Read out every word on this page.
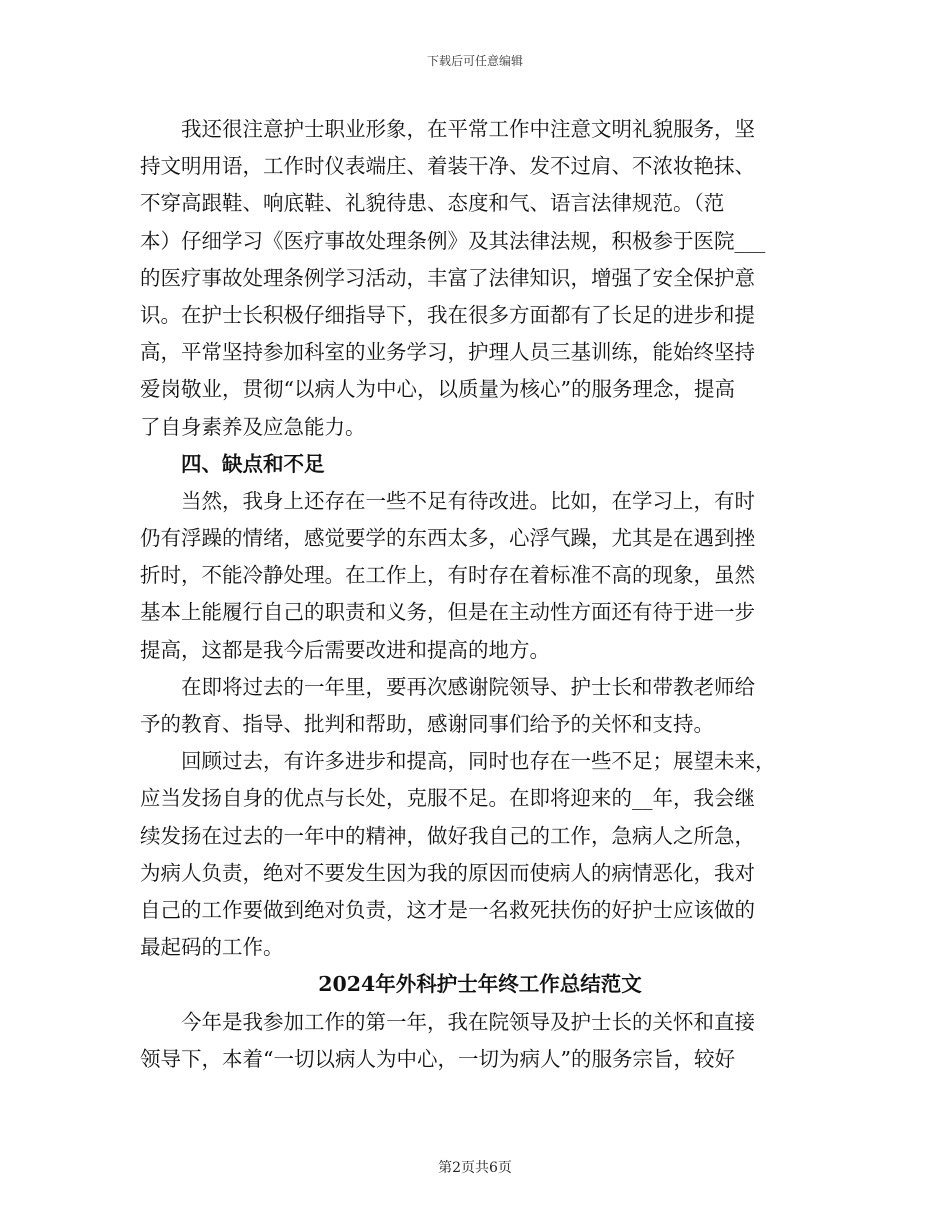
下载后可任意编辑
我还很注意护士职业形象，在平常工作中注意文明礼貌服务，坚
持文明用语，工作时仪表端庄、着装干净、发不过肩、不浓妆艳抹、
不穿高跟鞋、响底鞋、礼貌待患、态度和气、语言法律规范。（范
本）仔细学习《医疗事故处理条例》及其法律法规，积极参于医院___
的医疗事故处理条例学习活动，丰富了法律知识，增强了安全保护意
识。在护士长积极仔细指导下，我在很多方面都有了长足的进步和提
高，平常坚持参加科室的业务学习，护理人员三基训练，能始终坚持
爱岗敬业，贯彻“以病人为中心，以质量为核心”的服务理念，提高
了自身素养及应急能力。
四、缺点和不足
当然，我身上还存在一些不足有待改进。比如，在学习上，有时
仍有浮躁的情绪，感觉要学的东西太多，心浮气躁，尤其是在遇到挫
折时，不能冷静处理。在工作上，有时存在着标准不高的现象，虽然
基本上能履行自己的职责和义务，但是在主动性方面还有待于进一步
提高，这都是我今后需要改进和提高的地方。
在即将过去的一年里，要再次感谢院领导、护士长和带教老师给
予的教育、指导、批判和帮助，感谢同事们给予的关怀和支持。
回顾过去，有许多进步和提高，同时也存在一些不足；展望未来，
应当发扬自身的优点与长处，克服不足。在即将迎来的__年，我会继
续发扬在过去的一年中的精神，做好我自己的工作，急病人之所急，
为病人负责，绝对不要发生因为我的原因而使病人的病情恶化，我对
自己的工作要做到绝对负责，这才是一名救死扶伤的好护士应该做的
最起码的工作。
2024年外科护士年终工作总结范文
今年是我参加工作的第一年，我在院领导及护士长的关怀和直接
领导下，本着“一切以病人为中心，一切为病人”的服务宗旨，较好
第2页共6页
